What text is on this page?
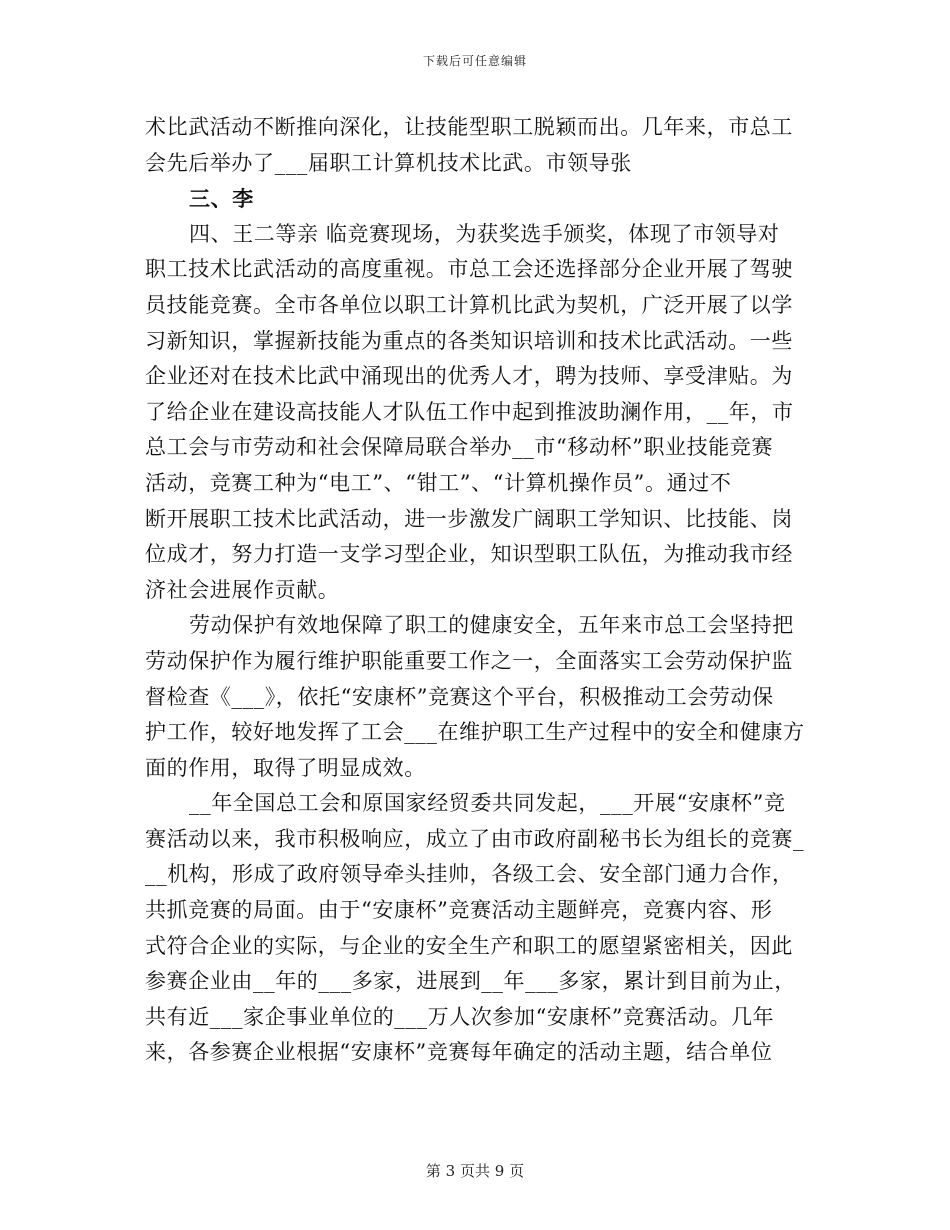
下载后可任意编辑
术比武活动不断推向深化，让技能型职工脱颖而出。几年来，市总工
会先后举办了___届职工计算机技术比武。市领导张
三、李
四、王二等亲 临竞赛现场，为获奖选手颁奖，体现了市领导对
职工技术比武活动的高度重视。市总工会还选择部分企业开展了驾驶
员技能竞赛。全市各单位以职工计算机比武为契机，广泛开展了以学
习新知识，掌握新技能为重点的各类知识培训和技术比武活动。一些
企业还对在技术比武中涌现出的优秀人才，聘为技师、享受津贴。为
了给企业在建设高技能人才队伍工作中起到推波助澜作用，__年，市
总工会与市劳动和社会保障局联合举办__市“移动杯”职业技能竞赛
活动，竞赛工种为“电工”、“钳工”、“计算机操作员”。通过不
断开展职工技术比武活动，进一步激发广阔职工学知识、比技能、岗
位成才，努力打造一支学习型企业，知识型职工队伍，为推动我市经
济社会进展作贡献。
劳动保护有效地保障了职工的健康安全，五年来市总工会坚持把
劳动保护作为履行维护职能重要工作之一，全面落实工会劳动保护监
督检查《___》，依托“安康杯”竞赛这个平台，积极推动工会劳动保
护工作，较好地发挥了工会___在维护职工生产过程中的安全和健康方
面的作用，取得了明显成效。
__年全国总工会和原国家经贸委共同发起，___开展“安康杯”竞
赛活动以来，我市积极响应，成立了由市政府副秘书长为组长的竞赛_
__机构，形成了政府领导牵头挂帅，各级工会、安全部门通力合作，
共抓竞赛的局面。由于“安康杯”竞赛活动主题鲜亮，竞赛内容、形
式符合企业的实际，与企业的安全生产和职工的愿望紧密相关，因此
参赛企业由__年的___多家，进展到__年___多家，累计到目前为止，
共有近___家企事业单位的___万人次参加“安康杯”竞赛活动。几年
来，各参赛企业根据“安康杯”竞赛每年确定的活动主题，结合单位
第 3 页共 9 页
